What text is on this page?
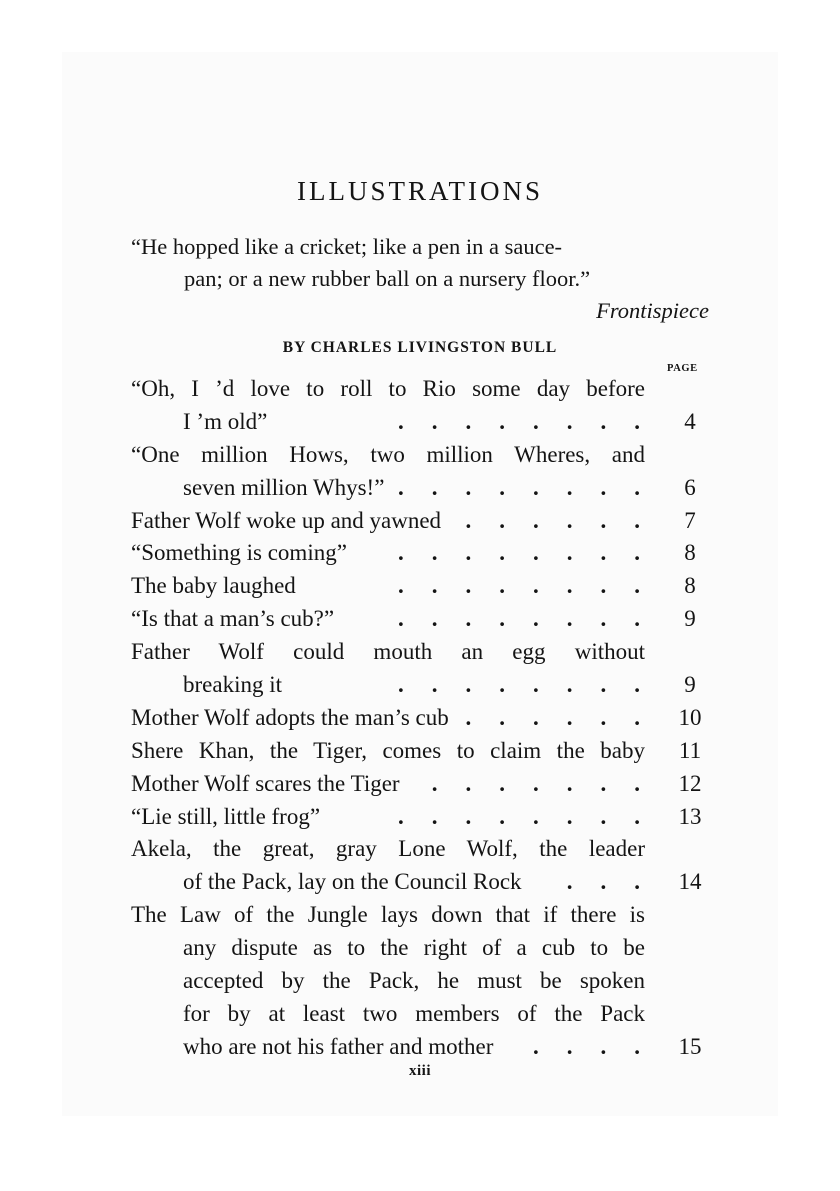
ILLUSTRATIONS
“He hopped like a cricket; like a pen in a sauce-
pan; or a new rubber ball on a nursery floor.”
Frontispiece
BY CHARLES LIVINGSTON BULL
PAGE
“Oh, I ’d love to roll to Rio some day before
I ’m old”	........ 4
“One million Hows, two million Wheres, and
seven million Whys!” ........ 6
Father Wolf woke up and yawned ...... 7
“Something is coming” ........ 8
The baby laughed	........ 8
“Is that a man’s cub?”	........ 9
Father Wolf could mouth an egg without
breaking it	........ 9
Mother Wolf adopts the man’s cub ...... 10
Shere Khan, the Tiger, comes to claim the baby	11
Mother Wolf scares the Tiger ....... 12
“Lie still, little frog”	........ 13
Akela, the great, gray Lone Wolf, the leader
of the Pack, lay on the Council Rock ... 14
The Law of the Jungle lays down that if there is
any dispute as to the right of a cub to be
accepted by the Pack, he must be spoken
for by at least two members of the Pack
who are not his father and mother .... 15
xiii
